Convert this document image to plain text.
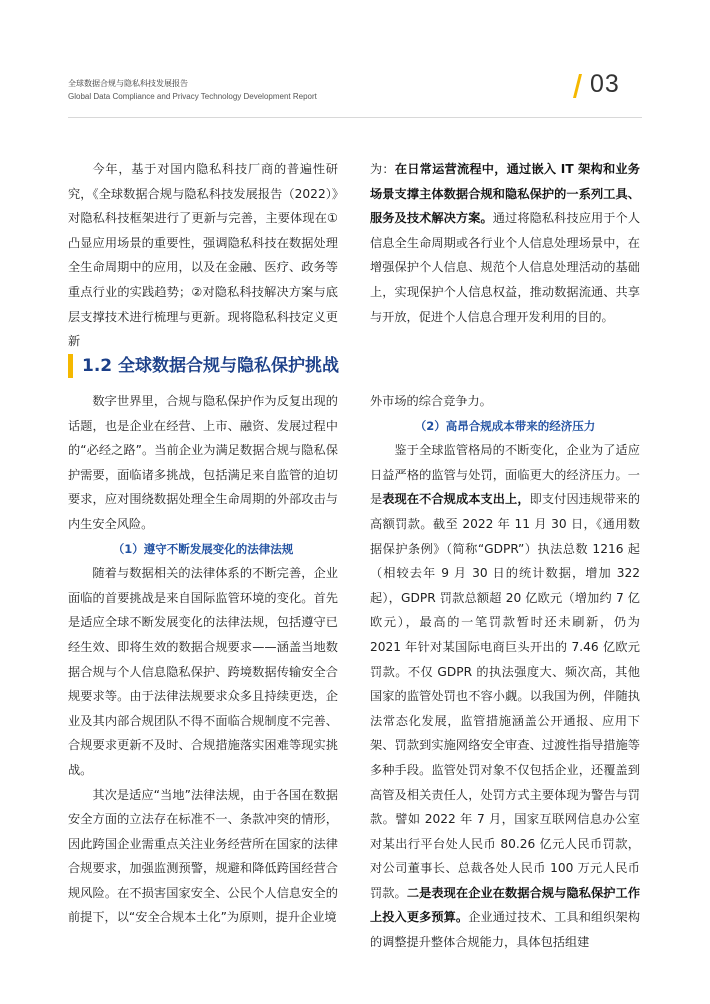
全球数据合规与隐私科技发展报告
Global Data Compliance and Privacy Technology Development Report	03

今年，基于对国内隐私科技厂商的普遍性研究，《全球数据合规与隐私科技发展报告（2022）》对隐私科技框架进行了更新与完善，主要体现在①凸显应用场景的重要性，强调隐私科技在数据处理全生命周期中的应用，以及在金融、医疗、政务等重点行业的实践趋势；②对隐私科技解决方案与底层支撑技术进行梳理与更新。现将隐私科技定义更新

为：在日常运营流程中，通过嵌入 IT 架构和业务场景支撑主体数据合规和隐私保护的一系列工具、服务及技术解决方案。通过将隐私科技应用于个人信息全生命周期或各行业个人信息处理场景中，在增强保护个人信息、规范个人信息处理活动的基础上，实现保护个人信息权益，推动数据流通、共享与开放，促进个人信息合理开发利用的目的。

1.2 全球数据合规与隐私保护挑战

数字世界里，合规与隐私保护作为反复出现的话题，也是企业在经营、上市、融资、发展过程中的“必经之路”。当前企业为满足数据合规与隐私保护需要，面临诸多挑战，包括满足来自监管的迫切要求，应对围绕数据处理全生命周期的外部攻击与内生安全风险。

（1）遵守不断发展变化的法律法规

随着与数据相关的法律体系的不断完善，企业面临的首要挑战是来自国际监管环境的变化。首先是适应全球不断发展变化的法律法规，包括遵守已经生效、即将生效的数据合规要求——涵盖当地数据合规与个人信息隐私保护、跨境数据传输安全合规要求等。由于法律法规要求众多且持续更迭，企业及其内部合规团队不得不面临合规制度不完善、合规要求更新不及时、合规措施落实困难等现实挑战。

其次是适应“当地”法律法规，由于各国在数据安全方面的立法存在标准不一、条款冲突的情形，因此跨国企业需重点关注业务经营所在国家的法律合规要求，加强监测预警，规避和降低跨国经营合规风险。在不损害国家安全、公民个人信息安全的前提下，以“安全合规本土化”为原则，提升企业境

外市场的综合竞争力。

（2）高昂合规成本带来的经济压力

鉴于全球监管格局的不断变化，企业为了适应日益严格的监管与处罚，面临更大的经济压力。一是表现在不合规成本支出上，即支付因违规带来的高额罚款。截至 2022 年 11 月 30 日，《通用数据保护条例》（简称“GDPR”）执法总数 1216 起（相较去年 9 月 30 日的统计数据，增加 322 起），GDPR 罚款总额超 20 亿欧元（增加约 7 亿欧元），最高的一笔罚款暂时还未刷新，仍为 2021 年针对某国际电商巨头开出的 7.46 亿欧元罚款。不仅 GDPR 的执法强度大、频次高，其他国家的监管处罚也不容小觑。以我国为例，伴随执法常态化发展，监管措施涵盖公开通报、应用下架、罚款到实施网络安全审查、过渡性指导措施等多种手段。监管处罚对象不仅包括企业，还覆盖到高管及相关责任人，处罚方式主要体现为警告与罚款。譬如 2022 年 7 月，国家互联网信息办公室对某出行平台处人民币 80.26 亿元人民币罚款，对公司董事长、总裁各处人民币 100 万元人民币罚款。二是表现在企业在数据合规与隐私保护工作上投入更多预算。企业通过技术、工具和组织架构的调整提升整体合规能力，具体包括组建
